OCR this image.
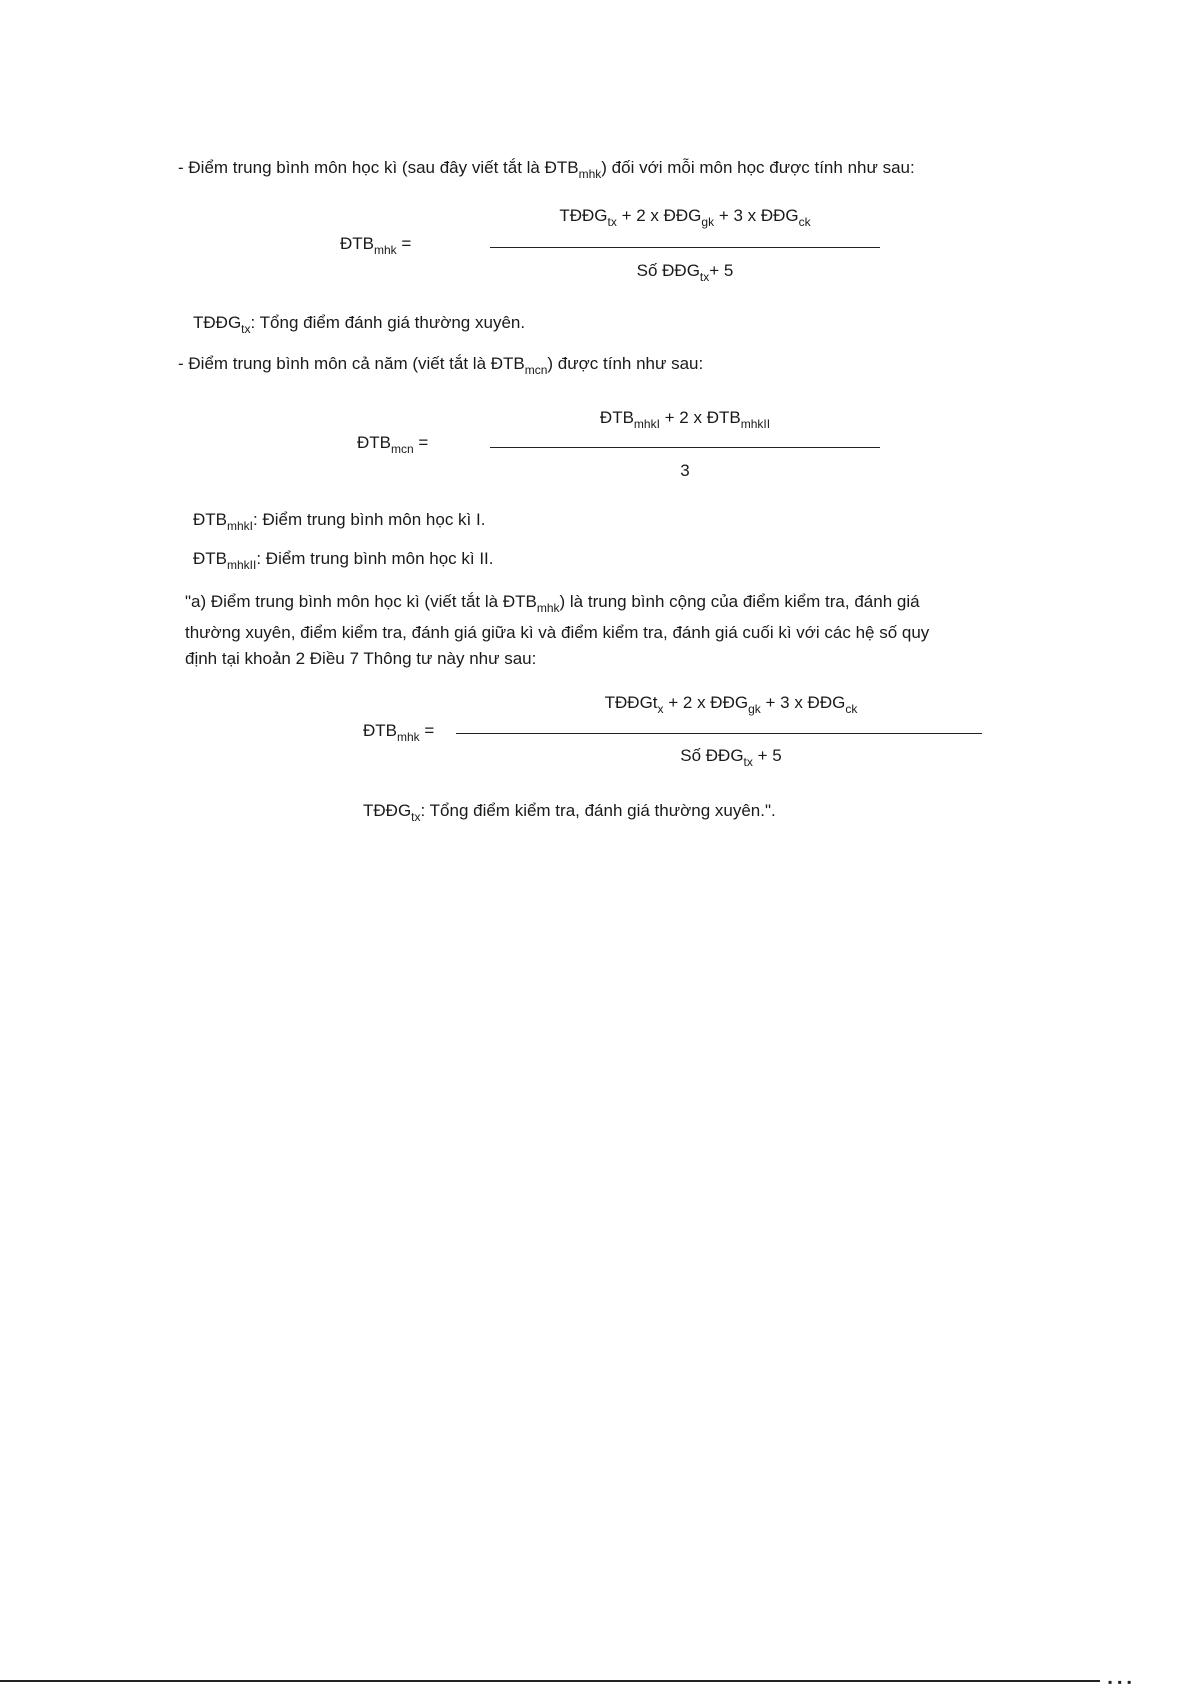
- Điểm trung bình môn học kì (sau đây viết tắt là $ĐTB_{mhk}$) đối với mỗi môn học được tính như sau:
$ĐTB_{mhk}$ =
$TĐĐG_{tx} + 2$ x $ĐĐG_{gk} + 3$ x $ĐĐG_{ck}$
Số $ĐĐG_{tx}+ 5$
$TĐĐG_{tx}$: Tổng điểm đánh giá thường xuyên.
- Điểm trung bình môn cả năm (viết tắt là $ĐTB_{mcn}$) được tính như sau:
$ĐTB_{mcn}$ =
$ĐTB_{mhkI} + 2$ x $ĐTB_{mhkII}$
3
$ĐTB_{mhkI}$: Điểm trung bình môn học kì I.
$ĐTB_{mhkII}$: Điểm trung bình môn học kì II.
"a) Điểm trung bình môn học kì (viết tắt là $ĐTB_{mhk}$) là trung bình cộng của điểm kiểm tra, đánh giá
thường xuyên, điểm kiểm tra, đánh giá giữa kì và điểm kiểm tra, đánh giá cuối kì với các hệ số quy
định tại khoản 2 Điều 7 Thông tư này như sau:
$ĐTB_{mhk}$ =
TĐĐGt$_x$ + 2 x $ĐĐG_{gk} + 3$ x $ĐĐG_{ck}$
Số $ĐĐG_{tx} + 5$
$TĐĐG_{tx}$: Tổng điểm kiểm tra, đánh giá thường xuyên.".
▪ ▪ ▪
